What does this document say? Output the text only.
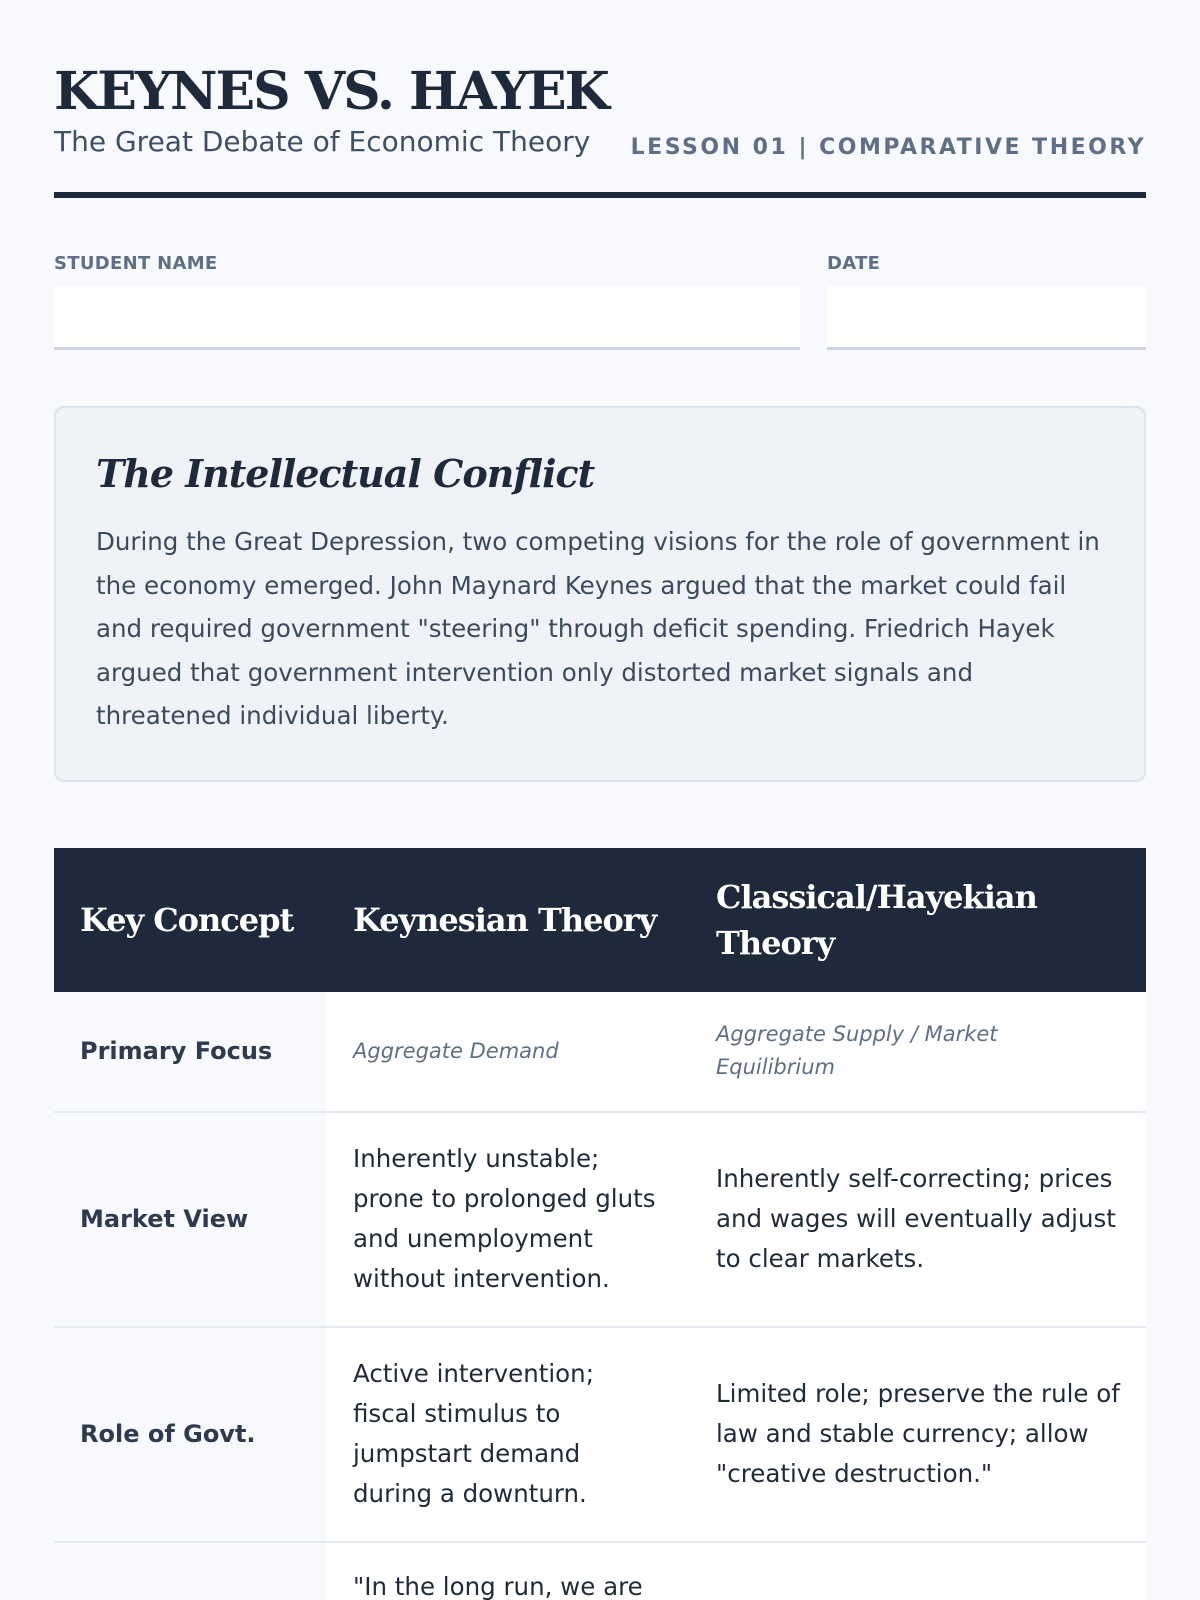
KEYNES VS. HAYEK
The Great Debate of Economic Theory LESSON 01 | COMPARATIVE THEORY
STUDENT NAME	DATE
The Intellectual Conflict

During the Great Depression, two competing visions for the role of government in the economy emerged. John Maynard Keynes argued that the market could fail and required government "steering" through deficit spending. Friedrich Hayek argued that government intervention only distorted market signals and threatened individual liberty.

Key Concept	Keynesian Theory	Classical/Hayekian Theory
Primary Focus	Aggregate Demand	Aggregate Supply / Market Equilibrium
Market View	Inherently unstable; prone to prolonged gluts and unemployment without intervention.	Inherently self-correcting; prices and wages will eventually adjust to clear markets.
Role of Govt.	Active intervention; fiscal stimulus to jumpstart demand during a downturn.	Limited role; preserve the rule of law and stable currency; allow "creative destruction."
	"In the long run, we are	
